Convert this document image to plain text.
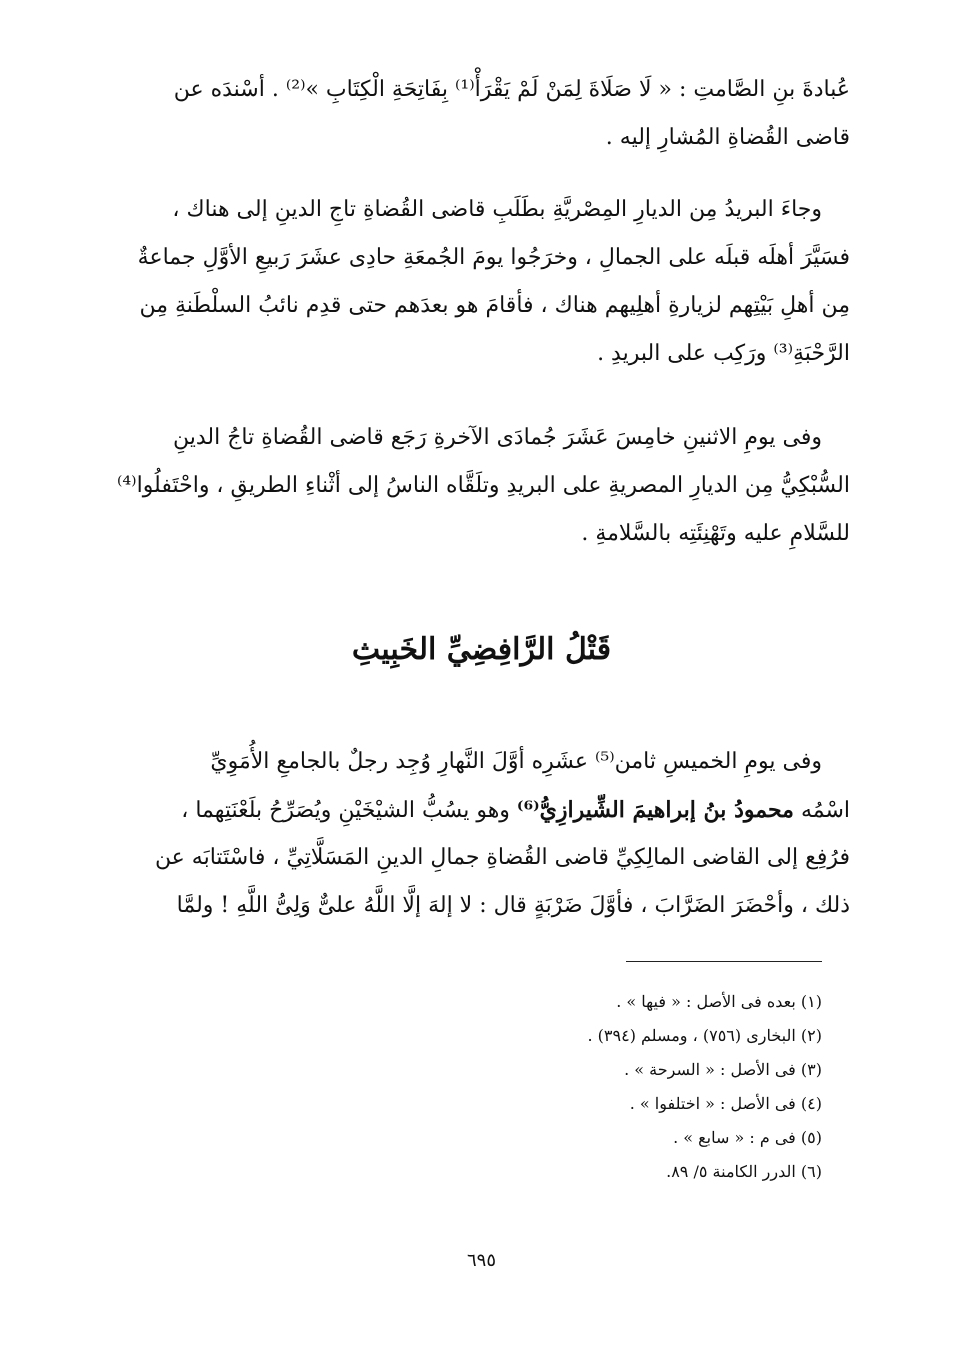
عُبادةَ بنِ الصَّامتِ : « لَا صَلَاةَ لِمَنْ لَمْ يَقْرَأْ⁽¹⁾ بِفَاتِحَةِ الْكِتَابِ »⁽²⁾ . أسْندَه عن
قاضى القُضاةِ المُشارِ إليه .
وجاءَ البريدُ مِن الديارِ المِصْريَّةِ بطَلَبِ قاضى القُضاةِ تاجِ الدينِ إلى هناك ،
فسَيَّرَ أهلَه قبلَه على الجمالِ ، وخرَجُوا يومَ الجُمعَةِ حادِى عشَرَ رَبيعِ الأوَّلِ جماعةٌ
مِن أهلِ بَيْتِهم لزيارةِ أهلِيهم هناك ، فأقامَ هو بعدَهم حتى قدِم نائبُ السلْطَنةِ مِن
الرَّحْبَةِ⁽³⁾ ورَكِب على البريدِ .
وفى يومِ الاثنينِ خامِسَ عَشَرَ جُمادَى الآخرةِ رَجَع قاضى القُضاةِ تاجُ الدينِ
السُّبْكِيُّ مِن الديارِ المصريةِ على البريدِ وتلَقَّاه الناسُ إلى أثْناءِ الطريقِ ، واحْتَفلُوا⁽⁴⁾
للسَّلامِ عليه وتَهْنِئَتِه بالسَّلامةِ .
قَتْلُ الرَّافِضِيِّ الخَبِيثِ
وفى يومِ الخميسِ ثامن⁽⁵⁾ عشَرِه أوَّلَ النَّهارِ وُجِد رجلٌ بالجامعِ الأُمَوِيِّ
اسْمُه محمودُ بنُ إبراهيمَ الشِّيرازِيُّ⁽⁶⁾ وهو يسُبُّ الشيْخَيْنِ ويُصَرِّحُ بلَعْنَتِهما ،
فرُفِع إلى القاضى المالِكِيِّ قاضى القُضاةِ جمالِ الدينِ المَسَلَّاتِيِّ ، فاسْتَتابَه عن
ذلك ، وأحْضَرَ الضَرَّابَ ، فأوَّلَ ضَرْبَةٍ قال : لا إلهَ إلَّا اللَّهُ علىٌّ وَلِىُّ اللَّهِ ! ولمَّا
(١) بعده فى الأصل : « فيها » .
(٢) البخارى (٧٥٦) ، ومسلم (٣٩٤) .
(٣) فى الأصل : « السرحة » .
(٤) فى الأصل : « اختلفوا » .
(٥) فى م : « سابع » .
(٦) الدرر الكامنة ٥/ ٨٩.
٦٩٥
